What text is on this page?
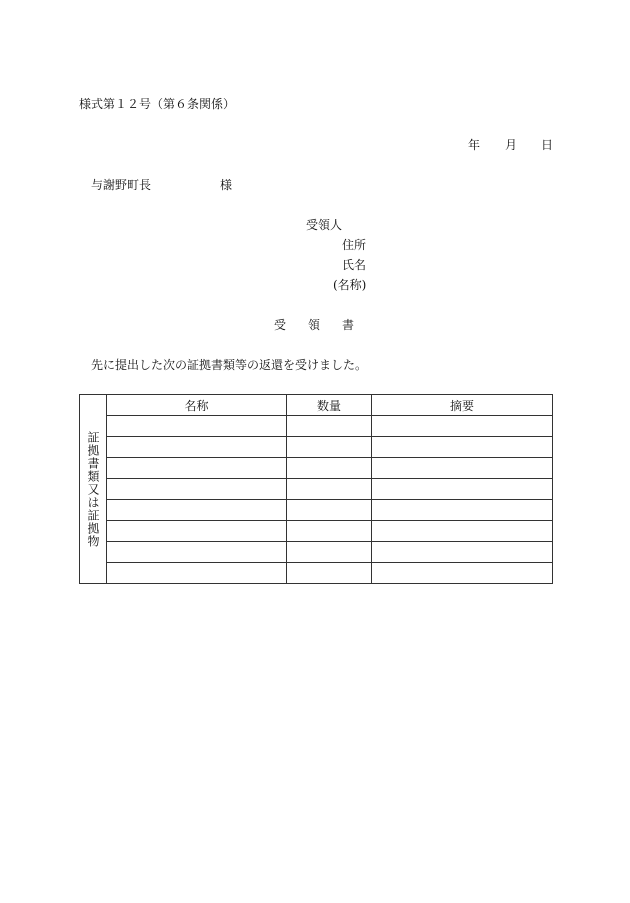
様式第１２号（第６条関係）
年 月 日
与謝野町長	様
受領人
住所
氏名
(名称)
受領書
先に提出した次の証拠書類等の返還を受けました。
証拠書類又は証拠物	名称	数量	摘要
